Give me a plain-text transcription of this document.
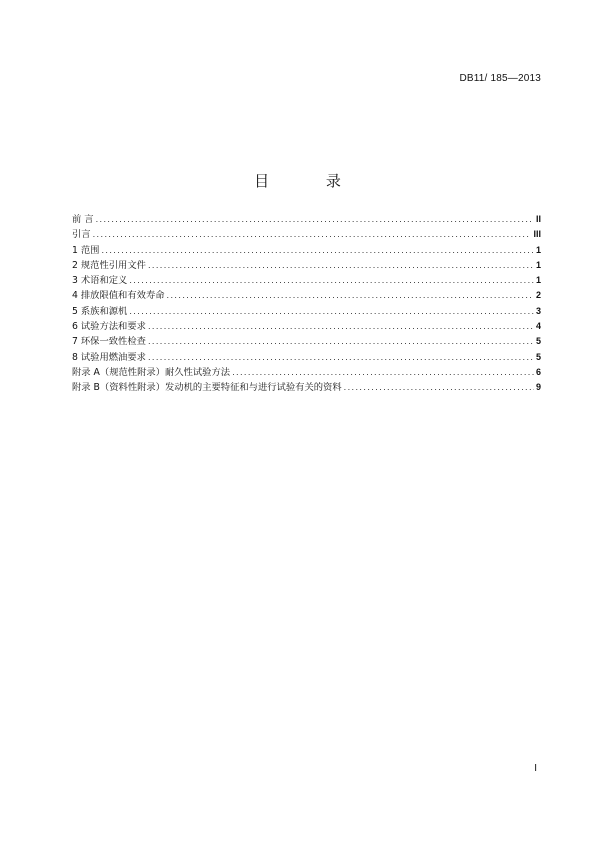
DB11/ 185—2013
目 录
前 言 .....	II
引言 .....	III
1 范围 .....	1
2 规范性引用文件 .....	1
3 术语和定义 .....	1
4 排放限值和有效寿命 .....	2
5 系族和源机 .....	3
6 试验方法和要求 .....	4
7 环保一致性检查 .....	5
8 试验用燃油要求 .....	5
附录 A（规范性附录）耐久性试验方法 .....	6
附录 B（资料性附录）发动机的主要特征和与进行试验有关的资料 .....	9
I
